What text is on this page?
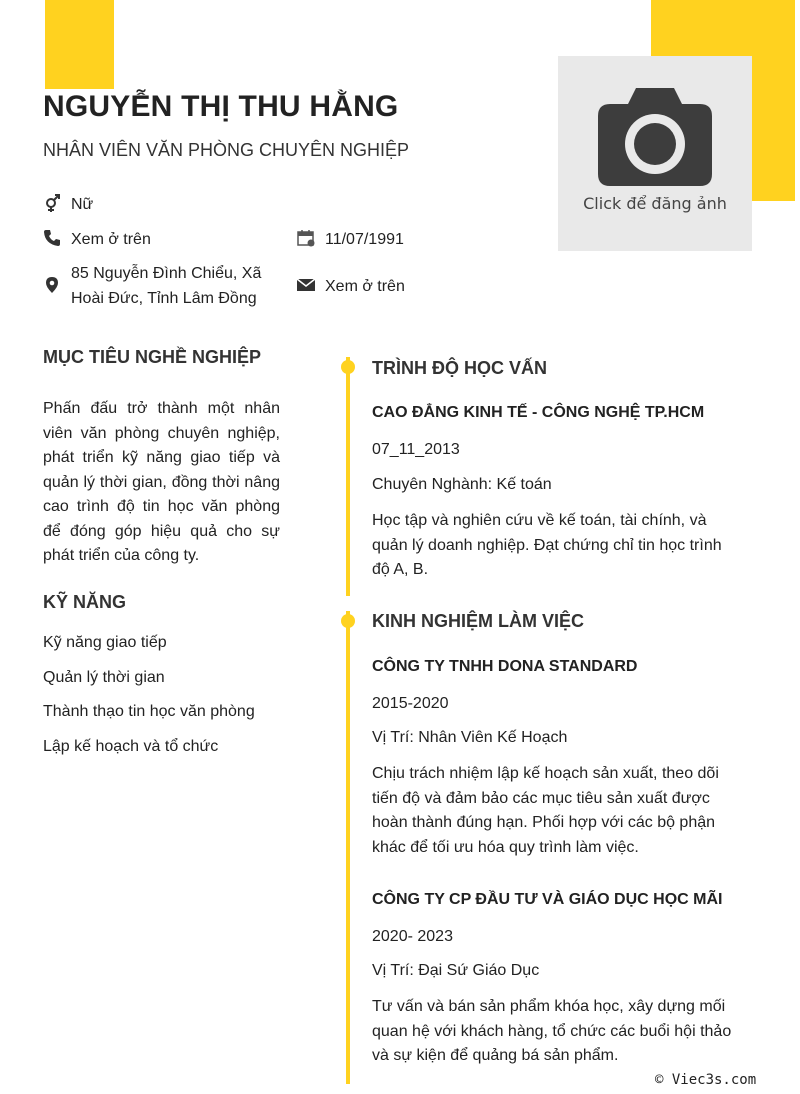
Click để đăng ảnh
NGUYỄN THỊ THU HẰNG
NHÂN VIÊN VĂN PHÒNG CHUYÊN NGHIỆP
Nữ
Xem ở trên	11/07/1991
85 Nguyễn Đình Chiểu, Xã
Hoài Đức, Tỉnh Lâm Đồng
Xem ở trên
MỤC TIÊU NGHỀ NGHIỆP
Phấn đấu trở thành một nhân viên văn phòng chuyên nghiệp, phát triển kỹ năng giao tiếp và quản lý thời gian, đồng thời nâng cao trình độ tin học văn phòng để đóng góp hiệu quả cho sự phát triển của công ty.
KỸ NĂNG
Kỹ năng giao tiếp
Quản lý thời gian
Thành thạo tin học văn phòng
Lập kế hoạch và tổ chức
TRÌNH ĐỘ HỌC VẤN
CAO ĐẲNG KINH TẾ - CÔNG NGHỆ TP.HCM
07_11_2013
Chuyên Nghành: Kế toán
Học tập và nghiên cứu về kế toán, tài chính, và quản lý doanh nghiệp. Đạt chứng chỉ tin học trình độ A, B.
KINH NGHIỆM LÀM VIỆC
CÔNG TY TNHH DONA STANDARD
2015-2020
Vị Trí: Nhân Viên Kế Hoạch
Chịu trách nhiệm lập kế hoạch sản xuất, theo dõi tiến độ và đảm bảo các mục tiêu sản xuất được hoàn thành đúng hạn. Phối hợp với các bộ phận khác để tối ưu hóa quy trình làm việc.
CÔNG TY CP ĐẦU TƯ VÀ GIÁO DỤC HỌC MÃI
2020- 2023
Vị Trí: Đại Sứ Giáo Dục
Tư vấn và bán sản phẩm khóa học, xây dựng mối quan hệ với khách hàng, tổ chức các buổi hội thảo và sự kiện để quảng bá sản phẩm.
© Viec3s.com
